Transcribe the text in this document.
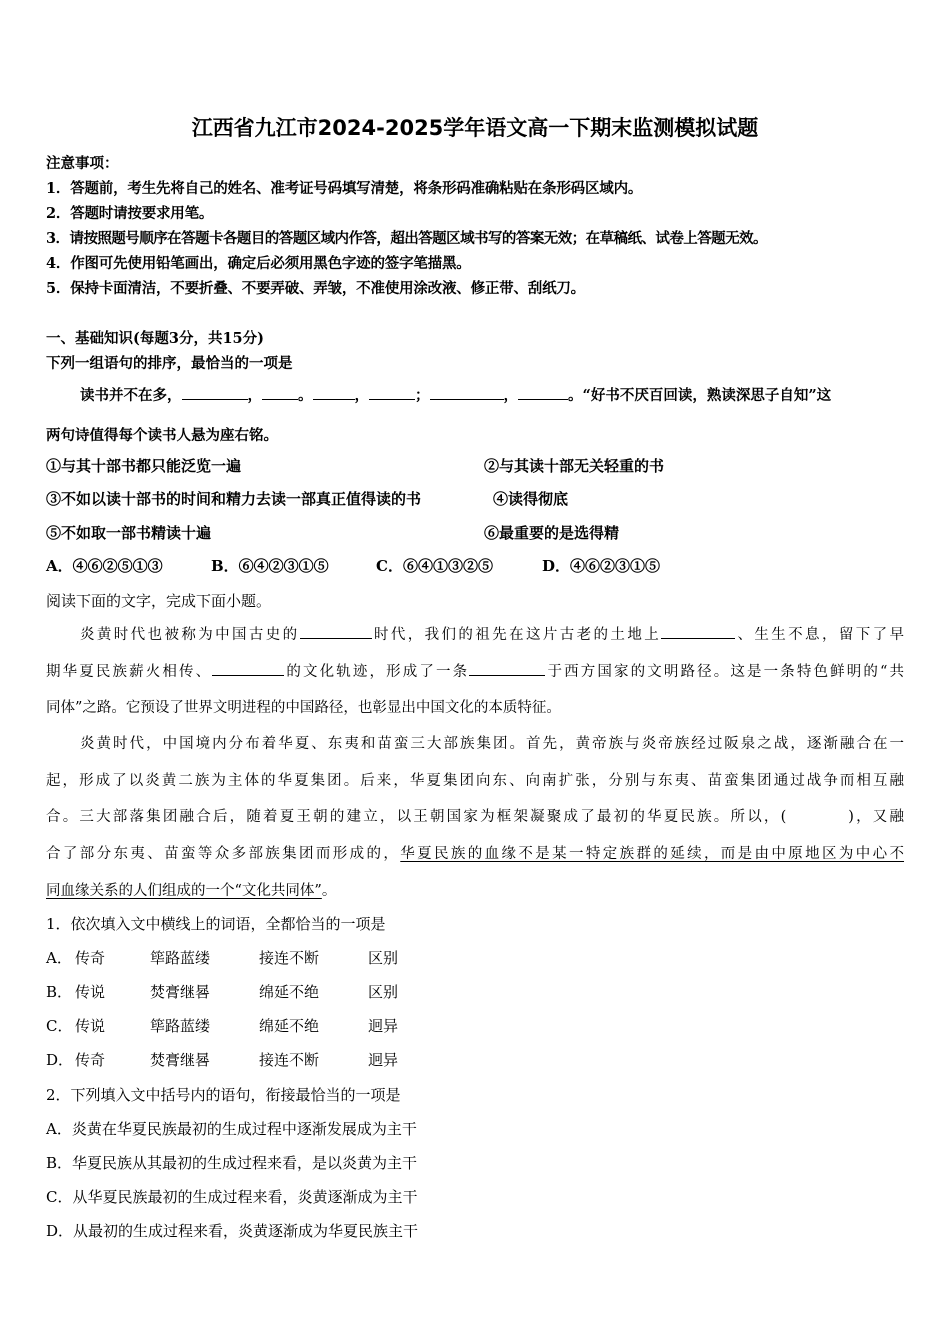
江西省九江市2024-2025学年语文高一下期末监测模拟试题
注意事项：
1．答题前，考生先将自己的姓名、准考证号码填写清楚，将条形码准确粘贴在条形码区域内。
2．答题时请按要求用笔。
3．请按照题号顺序在答题卡各题目的答题区域内作答，超出答题区域书写的答案无效；在草稿纸、试卷上答题无效。
4．作图可先使用铅笔画出，确定后必须用黑色字迹的签字笔描黑。
5．保持卡面清洁，不要折叠、不要弄破、弄皱，不准使用涂改液、修正带、刮纸刀。
一、基础知识(每题3分，共15分)
下列一组语句的排序，最恰当的一项是
读书并不在多，	， 。	，	；	，	。“好书不厌百回读，熟读深思子自知”这
两句诗值得每个读书人悬为座右铭。
①与其十部书都只能泛览一遍	②与其读十部无关轻重的书
③不如以读十部书的时间和精力去读一部真正值得读的书	④读得彻底
⑤不如取一部书精读十遍	⑥最重要的是选得精
A．④⑥②⑤①③	B．⑥④②③①⑤	C．⑥④①③②⑤	D．④⑥②③①⑤
阅读下面的文字，完成下面小题。
炎黄时代也被称为中国古史的	时代，我们的祖先在这片古老的土地上	、生生不息，留下了早
期华夏民族薪火相传、	的文化轨迹，形成了一条	于西方国家的文明路径。这是一条特色鲜明的“共
同体”之路。它预设了世界文明进程的中国路径，也彰显出中国文化的本质特征。
炎黄时代，中国境内分布着华夏、东夷和苗蛮三大部族集团。首先，黄帝族与炎帝族经过阪泉之战，逐渐融合在一
起，形成了以炎黄二族为主体的华夏集团。后来，华夏集团向东、向南扩张，分别与东夷、苗蛮集团通过战争而相互融
合。三大部落集团融合后，随着夏王朝的建立，以王朝国家为框架凝聚成了最初的华夏民族。所以，(	)，又融
合了部分东夷、苗蛮等众多部族集团而形成的，华夏民族的血缘不是某一特定族群的延续，而是由中原地区为中心不
同血缘关系的人们组成的一个“文化共同体”。
1．依次填入文中横线上的词语，全都恰当的一项是
A． 传奇	筚路蓝缕	接连不断	区别
B． 传说	焚膏继晷	绵延不绝	区别
C． 传说	筚路蓝缕	绵延不绝	迥异
D． 传奇	焚膏继晷	接连不断	迥异
2．下列填入文中括号内的语句，衔接最恰当的一项是
A．炎黄在华夏民族最初的生成过程中逐渐发展成为主干
B．华夏民族从其最初的生成过程来看，是以炎黄为主干
C．从华夏民族最初的生成过程来看，炎黄逐渐成为主干
D．从最初的生成过程来看，炎黄逐渐成为华夏民族主干
